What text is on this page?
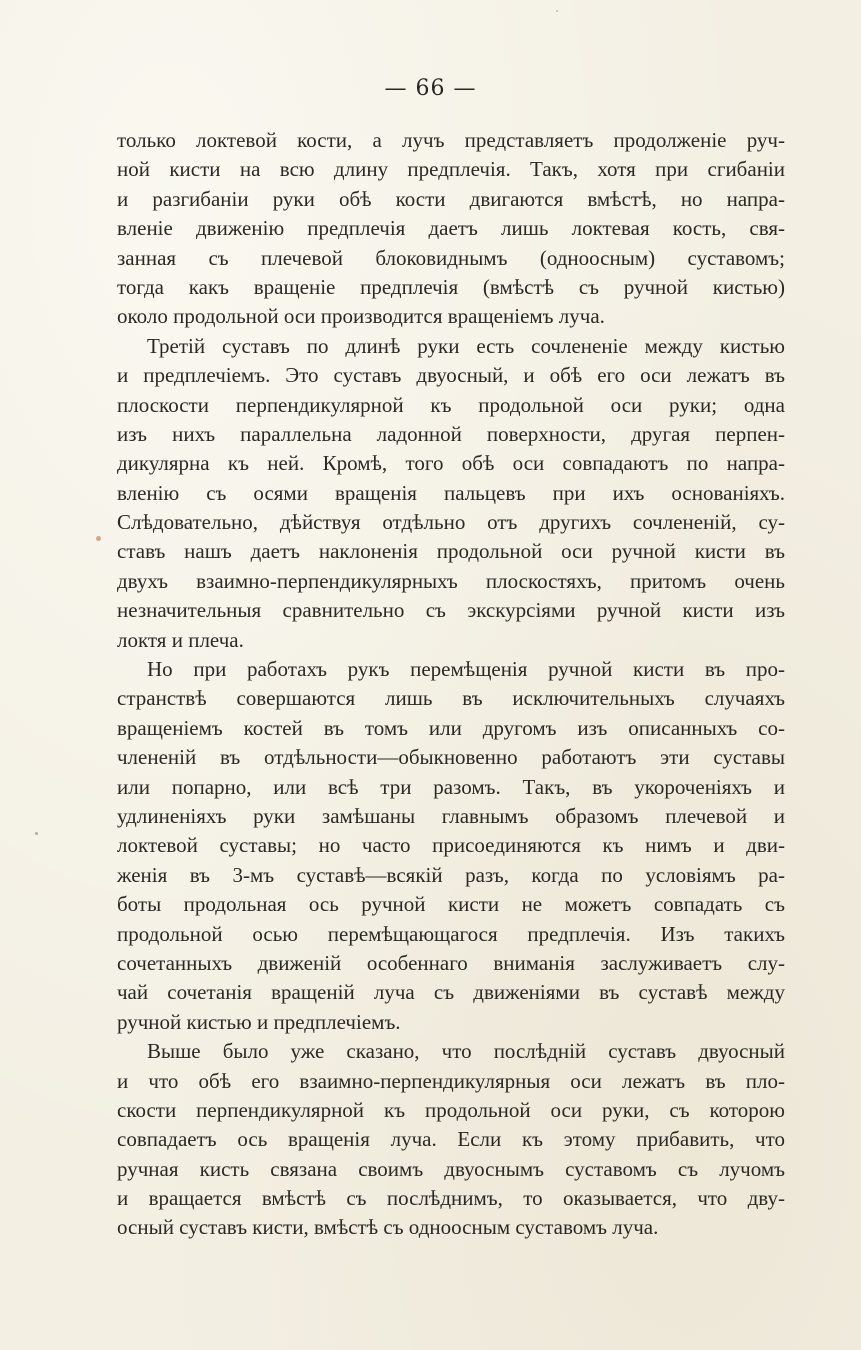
— 66 —
только локтевой кости, а лучъ представляетъ продолженіе руч-
ной кисти на всю длину предплечія. Такъ, хотя при сгибаніи
и разгибаніи руки обѣ кости двигаются вмѣстѣ, но напра-
вленіе движенію предплечія даетъ лишь локтевая кость, свя-
занная съ плечевой блоковиднымъ (одноосным) суставомъ;
тогда какъ вращеніе предплечія (вмѣстѣ съ ручной кистью)
около продольной оси производится вращеніемъ луча.
Третій суставъ по длинѣ руки есть сочлененіе между кистью
и предплечіемъ. Это суставъ двуосный, и обѣ его оси лежатъ въ
плоскости перпендикулярной къ продольной оси руки; одна
изъ нихъ параллельна ладонной поверхности, другая перпен-
дикулярна къ ней. Кромѣ, того обѣ оси совпадаютъ по напра-
вленію съ осями вращенія пальцевъ при ихъ основаніяхъ.
Слѣдовательно, дѣйствуя отдѣльно отъ другихъ сочлененій, су-
ставъ нашъ даетъ наклоненія продольной оси ручной кисти въ
двухъ взаимно-перпендикулярныхъ плоскостяхъ, притомъ очень
незначительныя сравнительно съ экскурсіями ручной кисти изъ
локтя и плеча.
Но при работахъ рукъ перемѣщенія ручной кисти въ про-
странствѣ совершаются лишь въ исключительныхъ случаяхъ
вращеніемъ костей въ томъ или другомъ изъ описанныхъ со-
члененій въ отдѣльности—обыкновенно работаютъ эти суставы
или попарно, или всѣ три разомъ. Такъ, въ укороченіяхъ и
удлиненіяхъ руки замѣшаны главнымъ образомъ плечевой и
локтевой суставы; но часто присоединяются къ нимъ и дви-
женія въ 3-мъ суставѣ—всякій разъ, когда по условіямъ ра-
боты продольная ось ручной кисти не можетъ совпадать съ
продольной осью перемѣщающагося предплечія. Изъ такихъ
сочетанныхъ движеній особеннаго вниманія заслуживаетъ слу-
чай сочетанія вращеній луча съ движеніями въ суставѣ между
ручной кистью и предплечіемъ.
Выше было уже сказано, что послѣдній суставъ двуосный
и что обѣ его взаимно-перпендикулярныя оси лежатъ въ пло-
скости перпендикулярной къ продольной оси руки, съ которою
совпадаетъ ось вращенія луча. Если къ этому прибавить, что
ручная кисть связана своимъ двуоснымъ суставомъ съ лучомъ
и вращается вмѣстѣ съ послѣднимъ, то оказывается, что дву-
осный суставъ кисти, вмѣстѣ съ одноосным суставомъ луча.
